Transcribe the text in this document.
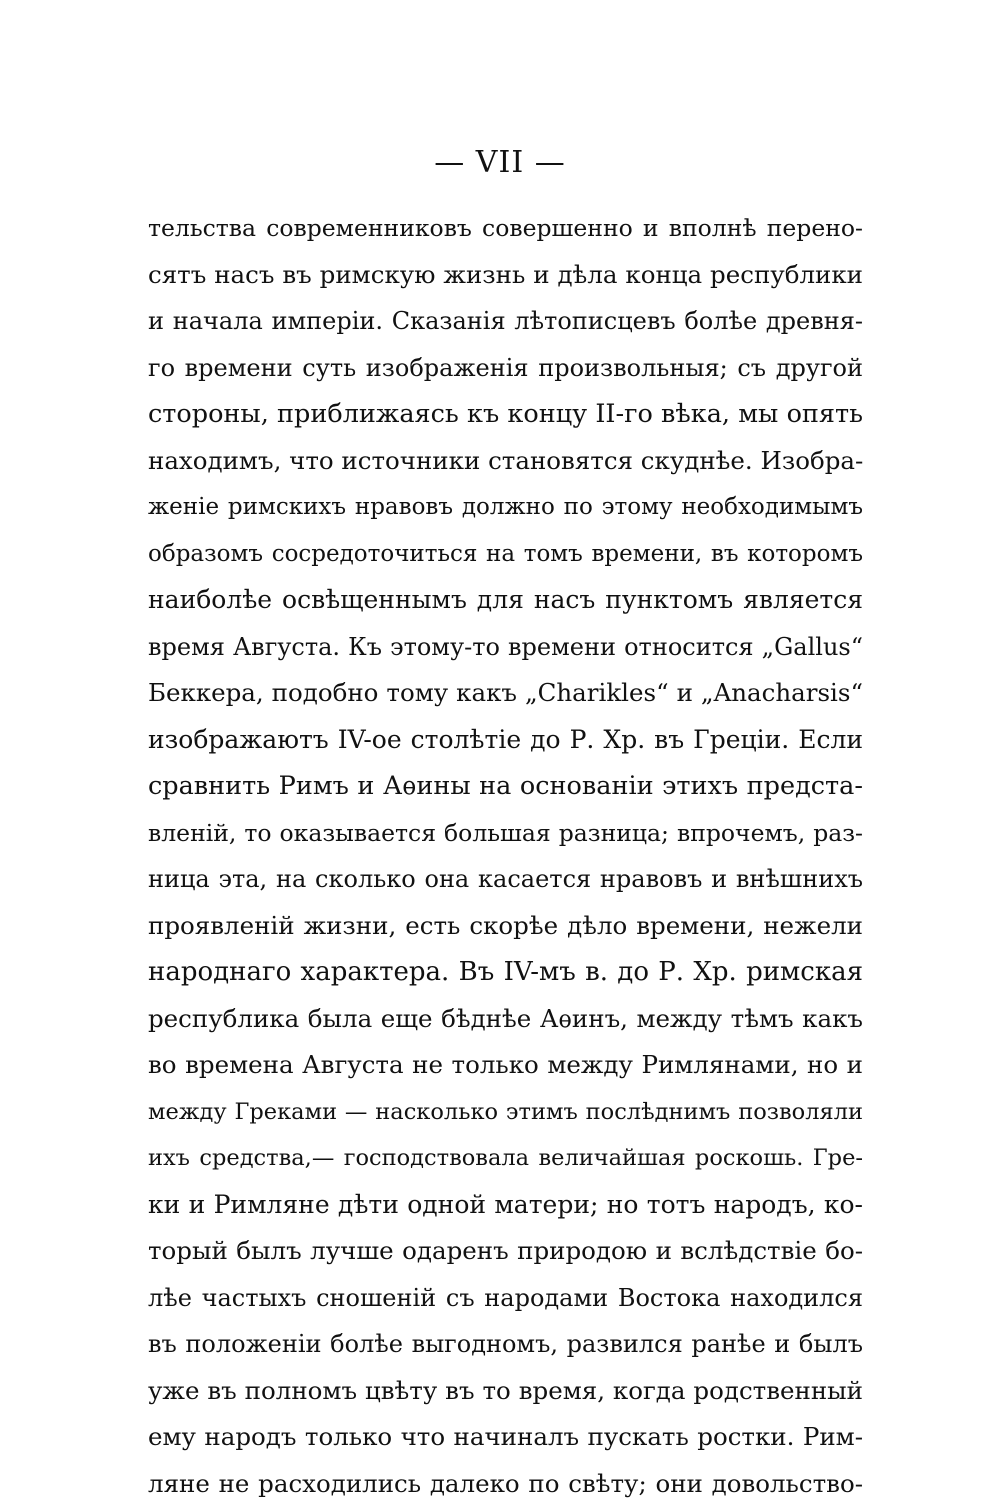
— VII —
тельства современниковъ совершенно и вполнѣ перено-
сятъ насъ въ римскую жизнь и дѣла конца республики
и начала имперіи. Сказанія лѣтописцевъ болѣе древня-
го времени суть изображенія произвольныя; съ другой
стороны, приближаясь къ концу II-го вѣка, мы опять
находимъ, что источники становятся скуднѣе. Изобра-
женіе римскихъ нравовъ должно по этому необходимымъ
образомъ сосредоточиться на томъ времени, въ которомъ
наиболѣе освѣщеннымъ для насъ пунктомъ является
время Августа. Къ этому-то времени относится „Gallus“
Беккера, подобно тому какъ „Charikles“ и „Anacharsis“
изображаютъ IV-ое столѣтіе до Р. Хр. въ Греціи. Если
сравнить Римъ и Аѳины на основаніи этихъ предста-
вленій, то оказывается большая разница; впрочемъ, раз-
ница эта, на сколько она касается нравовъ и внѣшнихъ
проявленій жизни, есть скорѣе дѣло времени, нежели
народнаго характера. Въ IV-мъ в. до Р. Хр. римская
республика была еще бѣднѣе Аѳинъ, между тѣмъ какъ
во времена Августа не только между Римлянами, но и
между Греками — насколько этимъ послѣднимъ позволяли
ихъ средства,— господствовала величайшая роскошь. Гре-
ки и Римляне дѣти одной матери; но тотъ народъ, ко-
торый былъ лучше одаренъ природою и вслѣдствіе бо-
лѣе частыхъ сношеній съ народами Востока находился
въ положеніи болѣе выгодномъ, развился ранѣе и былъ
уже въ полномъ цвѣту въ то время, когда родственный
ему народъ только что начиналъ пускать ростки. Рим-
ляне не расходились далеко по свѣту; они довольство-
